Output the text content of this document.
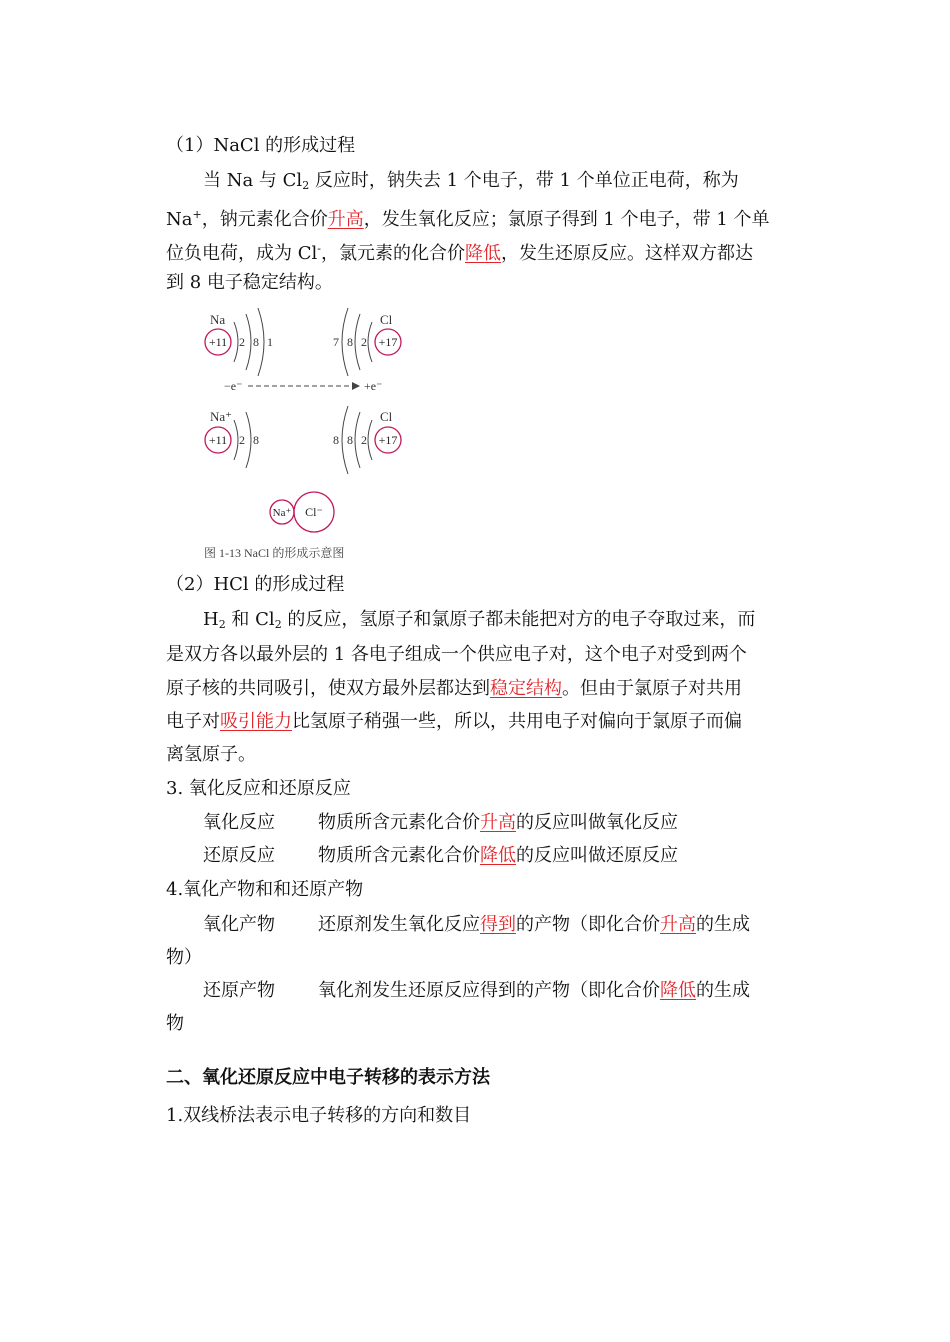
（1）NaCl 的形成过程
当 Na 与 $Cl_2$ 反应时，钠失去 1 个电子，带 1 个单位正电荷，称为
Na+，钠元素化合价升高，发生氧化反应；氯原子得到 1 个电子，带 1 个单
位负电荷，成为 Cl-，氯元素的化合价降低，发生还原反应。这样双方都达
到 8 电子稳定结构。
Na	Cl
Na⁺	Cl
+11	+17
+11	+17
2 8 1	7 8 2
2 8	8 8 2
−e⁻	+e⁻
Na⁺ Cl⁻
图 1-13 NaCl 的形成示意图
（2）HCl 的形成过程
$H_2$ 和 $Cl_2$ 的反应，氢原子和氯原子都未能把对方的电子夺取过来，而
是双方各以最外层的 1 各电子组成一个供应电子对，这个电子对受到两个
原子核的共同吸引，使双方最外层都达到稳定结构。但由于氯原子对共用
电子对吸引能力比氢原子稍强一些，所以，共用电子对偏向于氯原子而偏
离氢原子。
3. 氧化反应和还原反应
氧化反应 物质所含元素化合价升高的反应叫做氧化反应
还原反应 物质所含元素化合价降低的反应叫做还原反应
4.氧化产物和和还原产物
氧化产物 还原剂发生氧化反应得到的产物（即化合价升高的生成
物）
还原产物 氧化剂发生还原反应得到的产物（即化合价降低的生成
物
二、氧化还原反应中电子转移的表示方法
1.双线桥法表示电子转移的方向和数目
